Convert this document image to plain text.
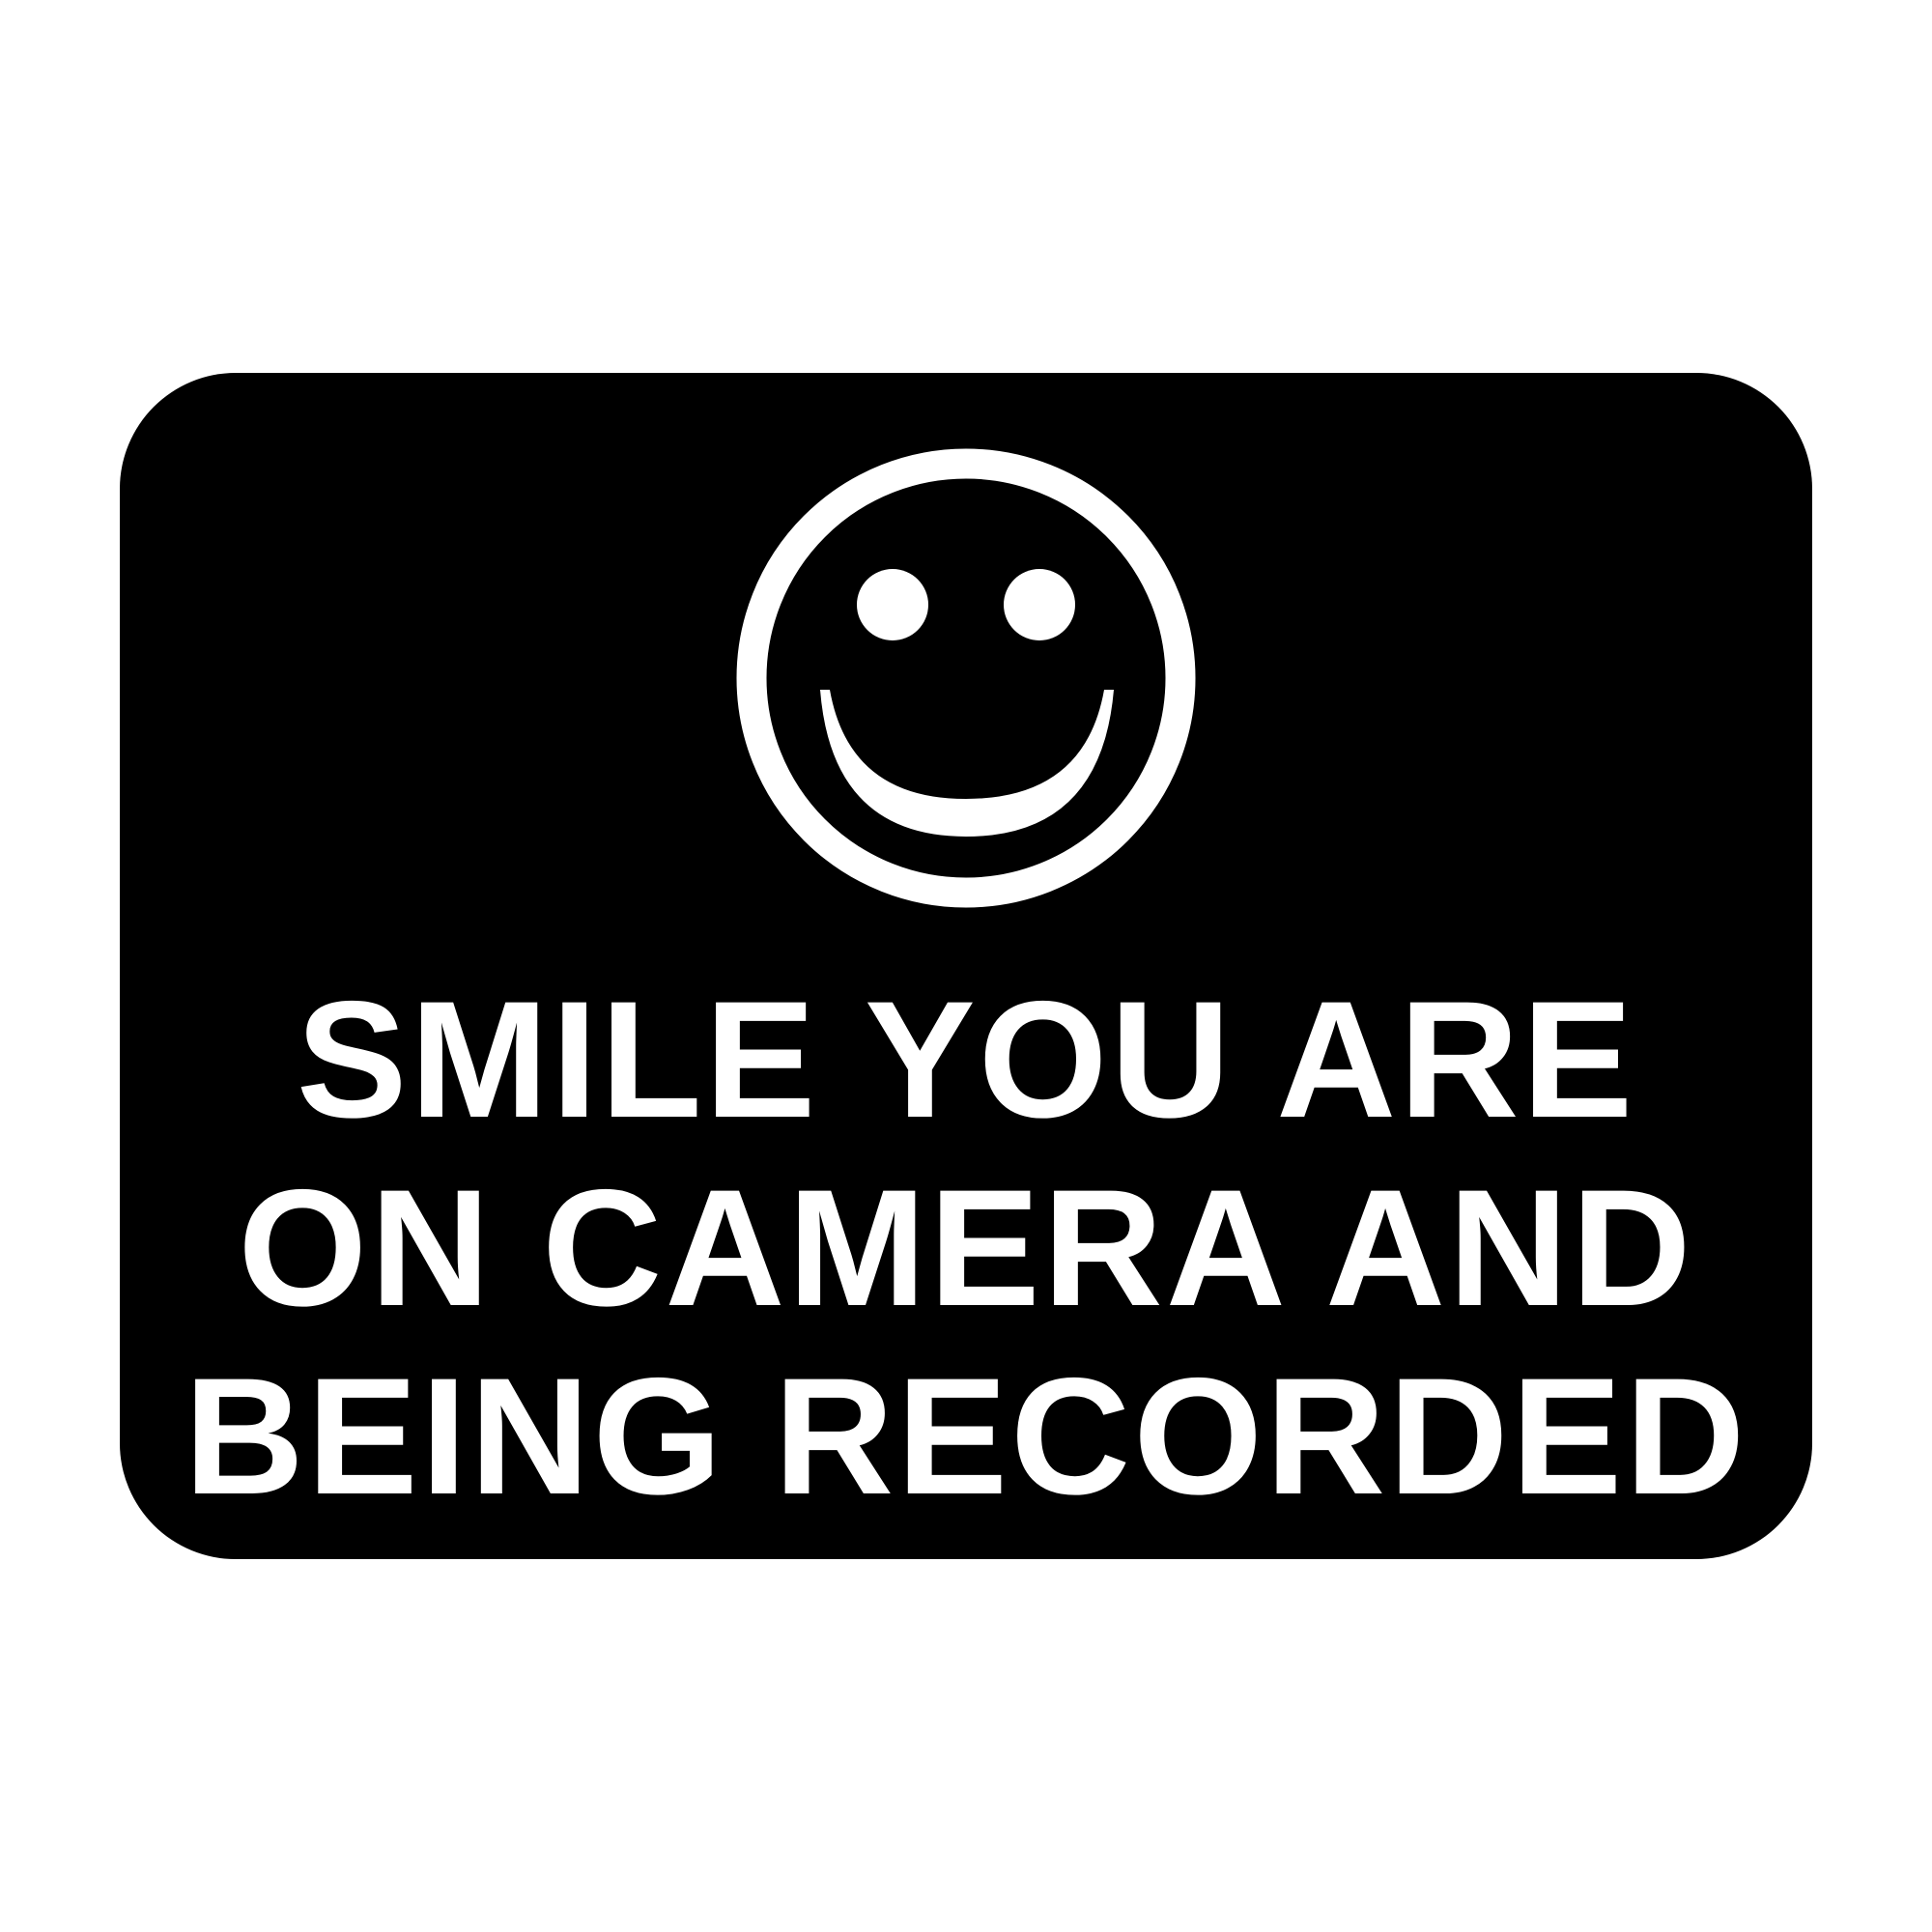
SMILE YOU ARE
ON CAMERA AND
BEING RECORDED
